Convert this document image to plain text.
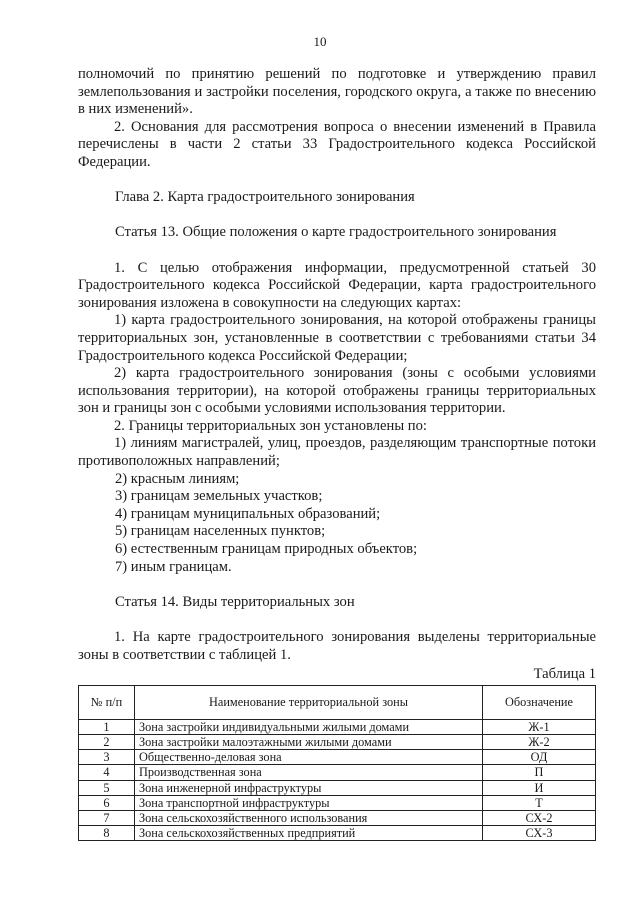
10

полномочий по принятию решений по подготовке и утверждению правил землепользования и застройки поселения, городского округа, а также по внесению в них изменений».

2. Основания для рассмотрения вопроса о внесении изменений в Правила перечислены в части 2 статьи 33 Градостроительного кодекса Российской Федерации.

Глава 2. Карта градостроительного зонирования

Статья 13. Общие положения о карте градостроительного зонирования

1. С целью отображения информации, предусмотренной статьей 30 Градостроительного кодекса Российской Федерации, карта градостроительного зонирования изложена в совокупности на следующих картах:

1) карта градостроительного зонирования, на которой отображены границы территориальных зон, установленные в соответствии с требованиями статьи 34 Градостроительного кодекса Российской Федерации;

2) карта градостроительного зонирования (зоны с особыми условиями использования территории), на которой отображены границы территориальных зон и границы зон с особыми условиями использования территории.

2. Границы территориальных зон установлены по:

1) линиям магистралей, улиц, проездов, разделяющим транспортные потоки противоположных направлений;

2) красным линиям;

3) границам земельных участков;

4) границам муниципальных образований;

5) границам населенных пунктов;

6) естественным границам природных объектов;

7) иным границам.

Статья 14. Виды территориальных зон

1. На карте градостроительного зонирования выделены территориальные зоны в соответствии с таблицей 1.

Таблица 1

№ п/п	Наименование территориальной зоны	Обозначение
1	Зона застройки индивидуальными жилыми домами	Ж-1
2	Зона застройки малоэтажными жилыми домами	Ж-2
3	Общественно-деловая зона	ОД
4	Производственная зона	П
5	Зона инженерной инфраструктуры	И
6	Зона транспортной инфраструктуры	Т
7	Зона сельскохозяйственного использования	СХ-2
8	Зона сельскохозяйственных предприятий	СХ-3
